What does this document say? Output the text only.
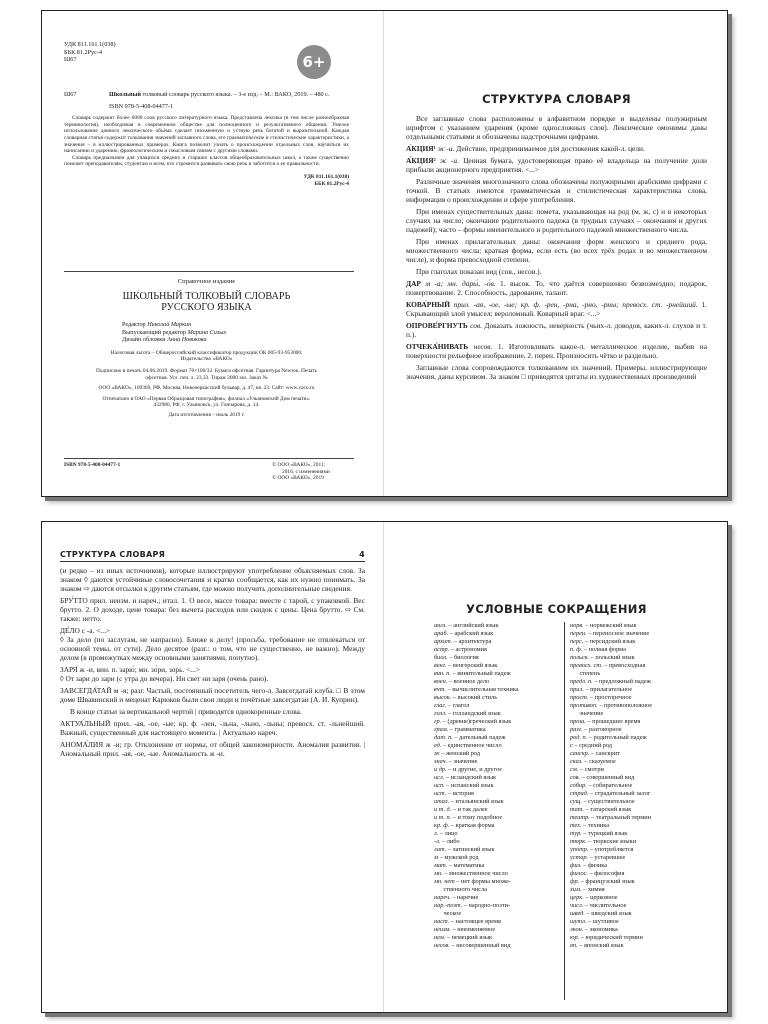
УДК 811.161.1(038)

ББК 81.2Рус-4

Ш67	6+
Ш67	Школьный толковый словарь русского языка. – 3-е изд. – М.: ВАКО, 2019. – 480 с.

ISBN 978-5-408-04477-1

Словарь содержит более 6000 слов русского литературного языка. Представлена лексика (в том числе разнообразная терминология), необходимая в современном обществе для полноценного и результативного общения. Умелое использование данного лексического объёма сделает письменную и устную речь богатой и выразительной. Каждая словарная статья содержит толкования значений заглавного слова, его грамматические и стилистические характеристики, а значения – в иллюстрированных примерах. Книга позволит узнать о происхождении отдельных слов, научиться их написанию и ударению, фразеологическим и смысловым связям с другими словами.

Словарь предназначен для учащихся средних и старших классов общеобразовательных школ, а также существенно поможет преподавателям, студентам и всем, кто стремится развивать свою речь и заботится о ее правильности.

УДК 811.161.1(038)
ББК 81.2Рус-4

Справочное издание

ШКОЛЬНЫЙ ТОЛКОВЫЙ СЛОВАРЬ

РУССКОГО ЯЗЫКА

Редактор Николай Маркин
Выпускающий редактор Марина Сизых
Дизайн обложки Анна Новикова

Налоговая льгота – Общероссийский классификатор продукции ОК 005-93-953000. Издательство «ВАКО»

Подписано в печать 04.06.2019. Формат 70×100/32. Бумага офсетная. Гарнитура Newton. Печать офсетная. Усл. печ. л. 23,33. Тираж 3000 экз. Заказ №

ООО «ВАКО», 109369, РФ, Москва, Новочеркасский бульвар, д. 47, кв. 23. Сайт: www.vaco.ru

Отпечатано в ОАО «Первая Образцовая типография», филиал «Ульяновский Дом печати». 432980, РФ, г. Ульяновск, ул. Гончарова, д. 14.

Дата изготовления – июль 2019 г.

ISBN 978-5-408-04477-1	© ООО «ВАКО», 2011;
2016, с изменениями
© ООО «ВАКО», 2019

СТРУКТУРА СЛОВАРЯ

Все заглавные слова расположены в алфавитном порядке и выделены полужирным шрифтом с указанием ударения (кроме односложных слов). Лексические омонимы даны отдельными статьями и обозначены надстрочными цифрами.

А́КЦИЯ¹ ж -и. Действие, предпринимаемое для достижения какой-л. цели.

А́КЦИЯ² ж -и. Ценная бумага, удостоверяющая право её владельца на получение доли прибыли акционерного предприятия. <...>

Различные значения многозначного слова обозначены полужирными арабскими цифрами с точкой. В статьях имеются грамматическая и стилистическая характеристика слова, информация о происхождении и сфере употребления.

При именах существительных даны: помета, указывающая на род (м, ж, с) и в некоторых случаях на число; окончание родительного падежа (в трудных случаях – окончания и других падежей); часто – формы именительного и родительного падежей множественного числа.

При именах прилагательных даны: окончания форм женского и среднего рода, множественного числа; краткая форма, если есть (во всех трёх родах и во множественном числе), и форма превосходной степени.

При глаголах показан вид (сов., несов.).

ДАР м -а; мн. дары́, -о́в. 1. высок. То, что даётся совершенно безвозмездно; подарок, пожертвование. 2. Способность, дарование, талант.

КОВА́РНЫЙ прил. -ая, -ое, -ые; кр. ф. -рен, -рна, -рно, -рны; превосх. ст. -рнейший. 1. Скрывающий злой умысел; вероломный. Коварный враг. <...>

ОПРОВЕ́РГНУТЬ сов. Доказать ложность, неверность (чьих-л. доводов, каких-л. слухов и т. п.).

ОТЧЕКА́НИВАТЬ несов. 1. Изготовливать какое-л. металлическое изделие, выбив на поверхности рельефное изображение. 2. перен. Произносить чётко и раздельно.

Заглавные слова сопровождаются толкованием их значений. Примеры, иллюстрирующие значения, даны курсивом. За знаком □ приводятся цитаты из художественных произведений

СТРУКТУРА СЛОВАРЯ	4

(и редко – из иных источников), которые иллюстрируют употребление объясняемых слов. За знаком ◊ даются устойчивые словосочетания и кратко сообщается, как их нужно понимать. За знаком ⇨ даются отсылки к другим статьям, где можно получить дополнительные сведения.

БРУ́ТТО прил. неизм. и нареч.; итал. 1. О весе, массе товара: вместе с тарой, с упаковкой. Вес брутто. 2. О доходе, цене товара: без вычета расходов или скидок с цены. Цена брутто. ⇨ См. также: нетто.

ДЕ́ЛО с -а. <...>

◊ За дело (по заслугам, не напрасно). Ближе к делу! (просьба, требование не отвлекаться от основной темы, от сути). Дело десятое (разг.: о том, что не существенно, не важно). Между делом (в промежутках между основными занятиями, попутно).

ЗАРЯ́ ж -и, вин. п. зарю́; мн. зо́ри, зорь. <...>

◊ От зари до зари (с утра до вечера). Ни свет ни заря (очень рано).

ЗАВСЕГДА́ТАЙ м -я; разг. Частый, постоянный посетитель чего-л. Завсегдатай клуба. □ В этом доме Швавинский и меценат Карюков были свои люди и почётные завсегдатаи (А. И. Куприн).

В конце статьи за вертикальной чертой | приводятся однокоренные слова.

АКТУА́ЛЬНЫЙ прил. -ая, -ое, -ые; кр. ф. -лен, -льна, -льно, -льны; превосх. ст. -льнейший. Важный, существенный для настоящего момента. | Актуа́льно нареч.

АНОМА́ЛИЯ ж -и; гр. Отклонение от нормы, от общей закономерности. Аномалия развития. | Анома́льный прил. -ая, -ое, -ые. Анома́льность ж -и.

УСЛОВНЫЕ СОКРАЩЕНИЯ

англ. – английский язык
араб. – арабский язык
архит. – архитектура
астр. – астрономия
биол. – биология
венг. – венгерский язык
вин. п. – винительный падеж
воен. – военное дело
вчт. – вычислительная техника
высок. – высокий стиль
глаг. – глагол
голл. – голландский язык
гр. – (древне)греческий язык
грам. – грамматика
дат. п. – дательный падеж
ед. – единственное число
ж – женский род
знач. – значение
и др. – и другие, и другое
исл. – исландский язык
исп. – испанский язык
ист. – история
итал. – итальянский язык
и т. д. – и так далее
и т. п. – и тому подобное
кр. ф. – краткая форма
л. – лицо
-л. – либо
лат. – латинский язык
м – мужской род
мат. – математика
мн. – множественное число
мн. нет – нет формы множе-
ственного числа
нареч. – наречие
нар.-поэт. – народно-поэти-
ческое
наст. – настоящее время
неизм. – неизменяемое
нем. – немецкий язык
несов. – несовершенный вид
норв. – норвежский язык
перен. – переносное значение
перс. – персидский язык
п. ф. – полная форма
польск. – польский язык
превосх. ст. – превосходная
степень
предл. п. – предложный падеж
прил. – прилагательное
прост. – просторечное
противоп. – противоположное
значение
прош. – прошедшее время
разг. – разговорное
род. п. – родительный падеж
с – средний род
санскр. – санскрит
сказ. – сказуемое
см. – смотри
сов. – совершенный вид
собир. – собирательное
страд. – страдательный залог
сущ. – существительное
тат. – татарский язык
театр. – театральный термин
тех. – техника
тур. – турецкий язык
тюрк. – тюркские языки
употр. – употребляется
устар. – устаревшее
физ. – физика
филос. – философия
фр. – французский язык
хим. – химия
церк. – церковное
числ. – числительное
швед. – шведский язык
шутл. – шутливое
экон. – экономика
юр. – юридический термин
яп. – японский язык
